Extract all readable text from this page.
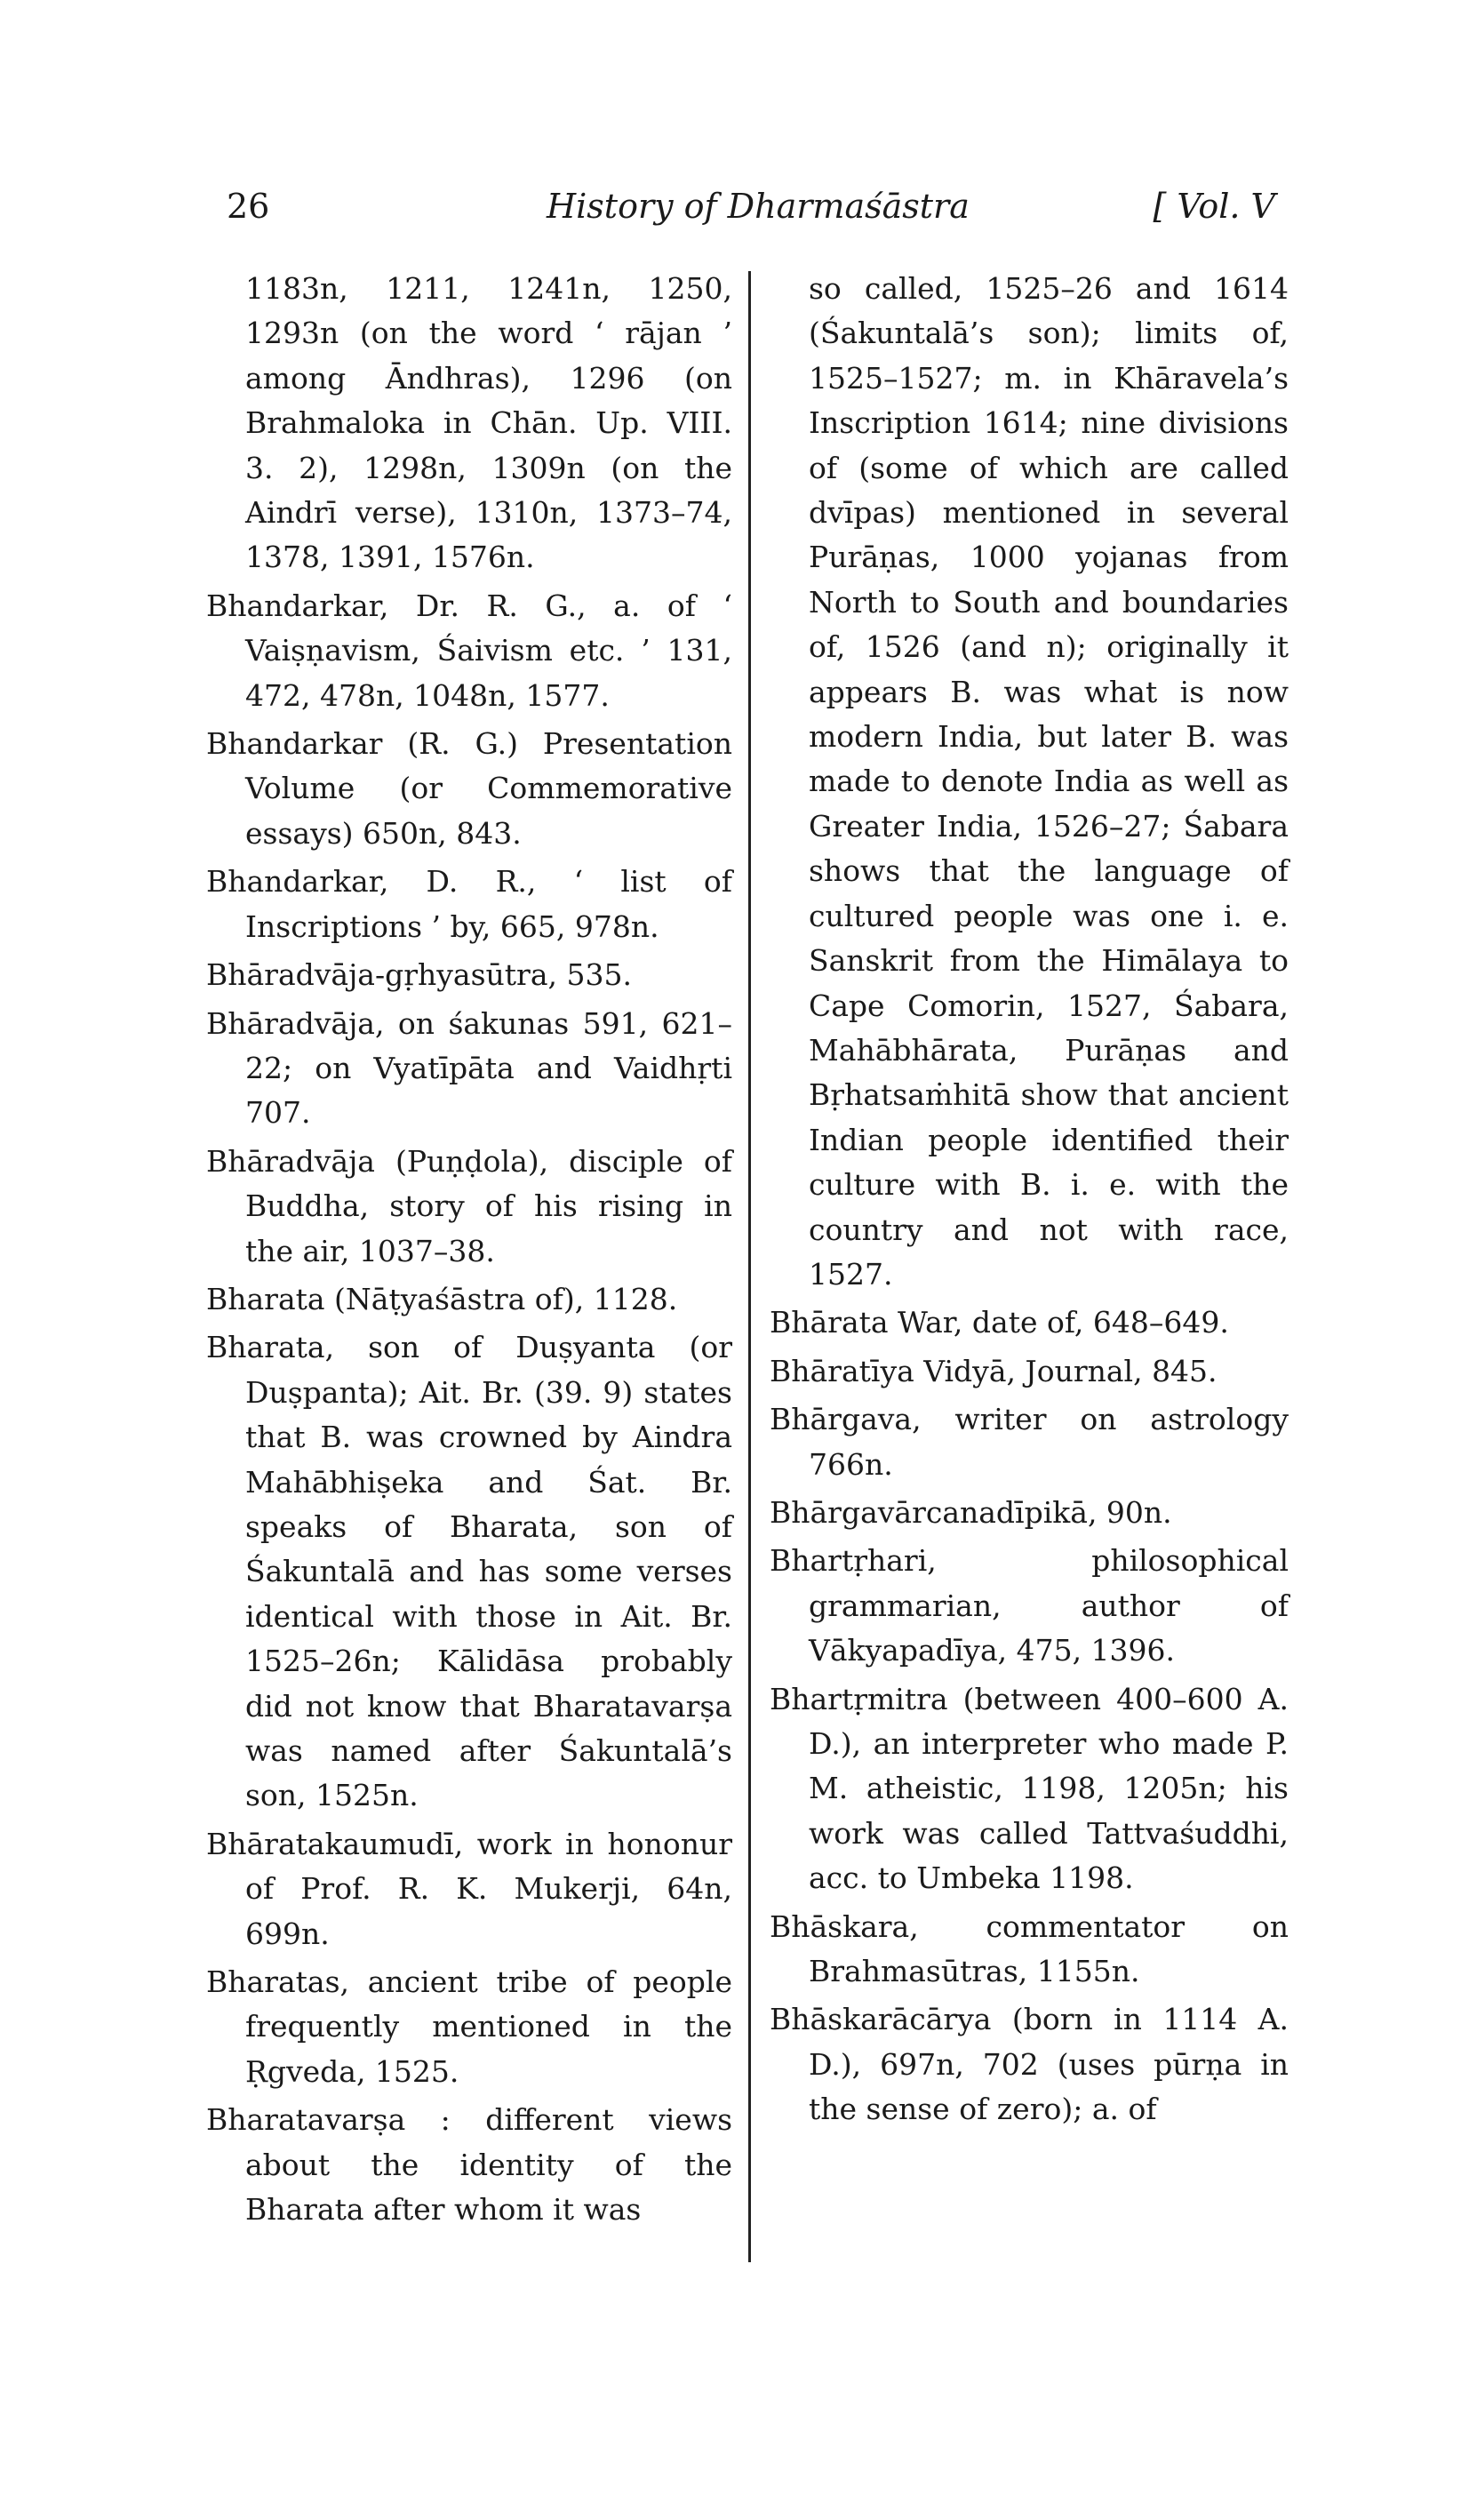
26	History of Dharmaśāstra	[ Vol. V

1183n, 1211, 1241n, 1250, 1293n (on the word ‘ rājan ’ among Āndhras), 1296 (on Brahmaloka in Chān. Up. VIII. 3. 2), 1298n, 1309n (on the Aindrī verse), 1310n, 1373–74, 1378, 1391, 1576n.

Bhandarkar, Dr. R. G., a. of ‘ Vaiṣṇavism, Śaivism etc. ’ 131, 472, 478n, 1048n, 1577.

Bhandarkar (R. G.) Presentation Volume (or Commemorative essays) 650n, 843.

Bhandarkar, D. R., ‘ list of Inscriptions ’ by, 665, 978n.

Bhāradvāja-gṛhyasūtra, 535.

Bhāradvāja, on śakunas 591, 621–22; on Vyatīpāta and Vaidhṛti 707.

Bhāradvāja (Puṇḍola), disciple of Buddha, story of his rising in the air, 1037–38.

Bharata (Nāṭyaśāstra of), 1128.

Bharata, son of Duṣyanta (or Duṣpanta); Ait. Br. (39. 9) states that B. was crowned by Aindra Mahābhiṣeka and Śat. Br. speaks of Bharata, son of Śakuntalā and has some verses identical with those in Ait. Br. 1525–26n; Kālidāsa probably did not know that Bharatavarṣa was named after Śakuntalā’s son, 1525n.

Bhāratakaumudī, work in hononur of Prof. R. K. Mukerji, 64n, 699n.

Bharatas, ancient tribe of people frequently mentioned in the Ṛgveda, 1525.

Bharatavarṣa : different views about the identity of the Bharata after whom it was

so called, 1525–26 and 1614 (Śakuntalā’s son); limits of, 1525–1527; m. in Khāravela’s Inscription 1614; nine divisions of (some of which are called dvīpas) mentioned in several Purāṇas, 1000 yojanas from North to South and boundaries of, 1526 (and n); originally it appears B. was what is now modern India, but later B. was made to denote India as well as Greater India, 1526–27; Śabara shows that the language of cultured people was one i. e. Sanskrit from the Himālaya to Cape Comorin, 1527, Śabara, Mahābhārata, Purāṇas and Bṛhatsaṁhitā show that ancient Indian people identified their culture with B. i. e. with the country and not with race, 1527.

Bhārata War, date of, 648–649.

Bhāratīya Vidyā, Journal, 845.

Bhārgava, writer on astrology 766n.

Bhārgavārcanadīpikā, 90n.

Bhartṛhari, philosophical grammarian, author of Vākyapadīya, 475, 1396.

Bhartṛmitra (between 400–600 A. D.), an interpreter who made P. M. atheistic, 1198, 1205n; his work was called Tattvaśuddhi, acc. to Umbeka 1198.

Bhāskara, commentator on Brahmasūtras, 1155n.

Bhāskarācārya (born in 1114 A. D.), 697n, 702 (uses pūrṇa in the sense of zero); a. of
